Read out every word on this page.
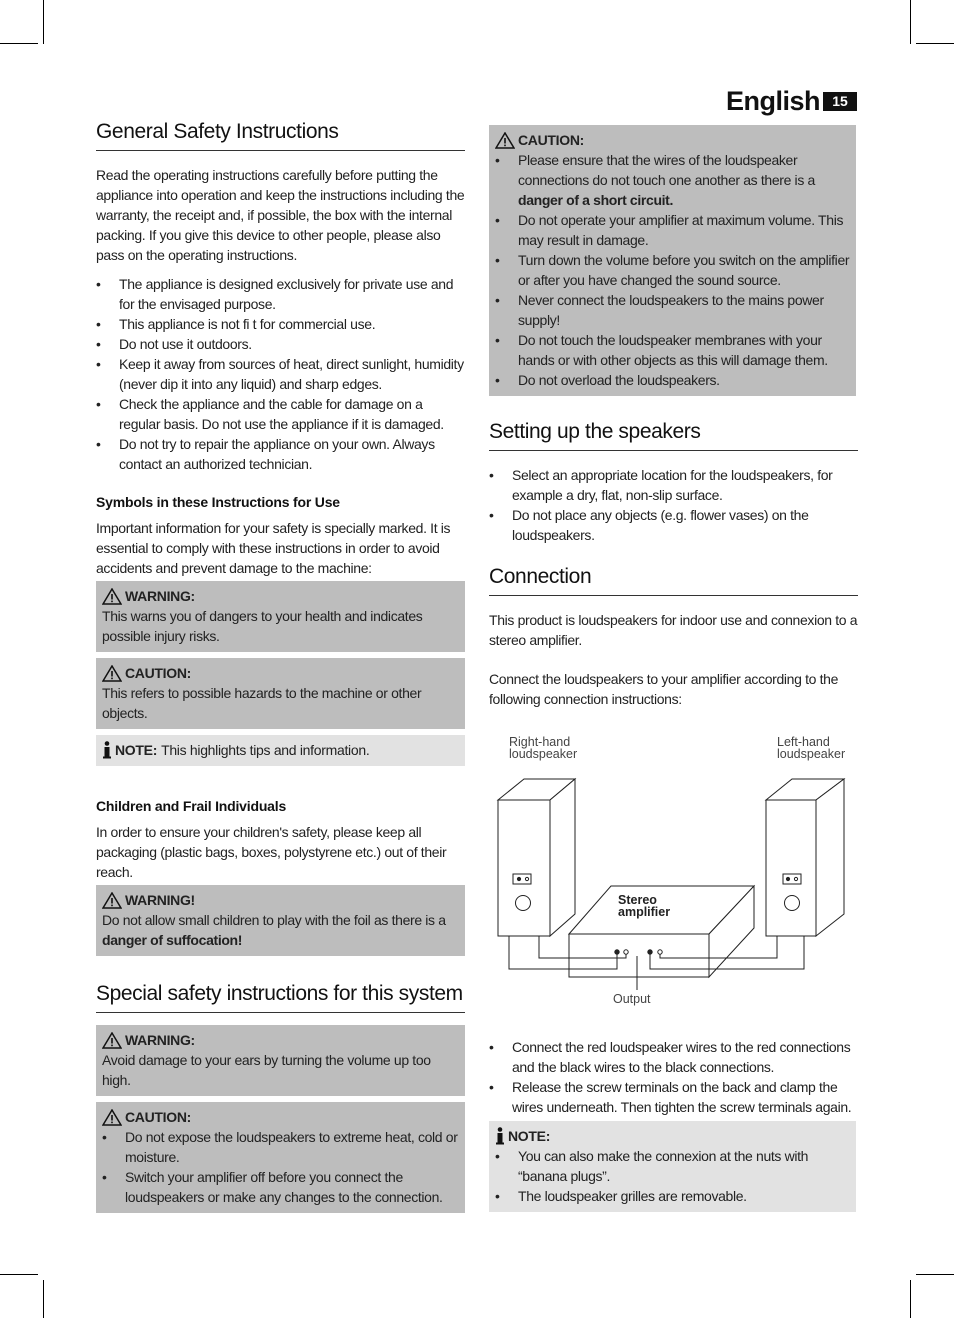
English 15
General Safety Instructions

Read the operating instructions carefully before putting the appliance into operation and keep the instructions including the warranty, the receipt and, if possible, the box with the internal packing. If you give this device to other people, please also pass on the operating instructions.

• The appliance is designed exclusively for private use and for the envisaged purpose.
• This appliance is not fi t for commercial use.
• Do not use it outdoors.
• Keep it away from sources of heat, direct sunlight, humidity (never dip it into any liquid) and sharp edges.
• Check the appliance and the cable for damage on a regular basis. Do not use the appliance if it is damaged.
• Do not try to repair the appliance on your own. Always contact an authorized technician.
Symbols in these Instructions for Use

Important information for your safety is specially marked. It is essential to comply with these instructions in order to avoid accidents and prevent damage to the machine:

WARNING:

This warns you of dangers to your health and indicates possible injury risks.

CAUTION:

This refers to possible hazards to the machine or other objects.

NOTE: This highlights tips and information.
Children and Frail Individuals

In order to ensure your children's safety, please keep all packaging (plastic bags, boxes, polystyrene etc.) out of their reach.

WARNING!

Do not allow small children to play with the foil as there is a danger of suffocation!

Special safety instructions for this system
WARNING:

Avoid damage to your ears by turning the volume up too high.

CAUTION:
• Do not expose the loudspeakers to extreme heat, cold or moisture.
• Switch your amplifier off before you connect the loudspeakers or make any changes to the connection.
CAUTION:
• Please ensure that the wires of the loudspeaker connections do not touch one another as there is a danger of a short circuit.
• Do not operate your amplifier at maximum volume. This may result in damage.
• Turn down the volume before you switch on the amplifier or after you have changed the sound source.
• Never connect the loudspeakers to the mains power supply!
• Do not touch the loudspeaker membranes with your hands or with other objects as this will damage them.
• Do not overload the loudspeakers.
Setting up the speakers
• Select an appropriate location for the loudspeakers, for example a dry, flat, non-slip surface.
• Do not place any objects (e.g. flower vases) on the loudspeakers.
Connection

This product is loudspeakers for indoor use and connexion to a stereo amplifier.

Connect the loudspeakers to your amplifier according to the following connection instructions:

Right-hand
loudspeaker
Left-hand
loudspeaker
Output
Stereo
amplifier
• Connect the red loudspeaker wires to the red connections and the black wires to the black connections.
• Release the screw terminals on the back and clamp the wires underneath. Then tighten the screw terminals again.
NOTE:
• You can also make the connexion at the nuts with “banana plugs”.
• The loudspeaker grilles are removable.
